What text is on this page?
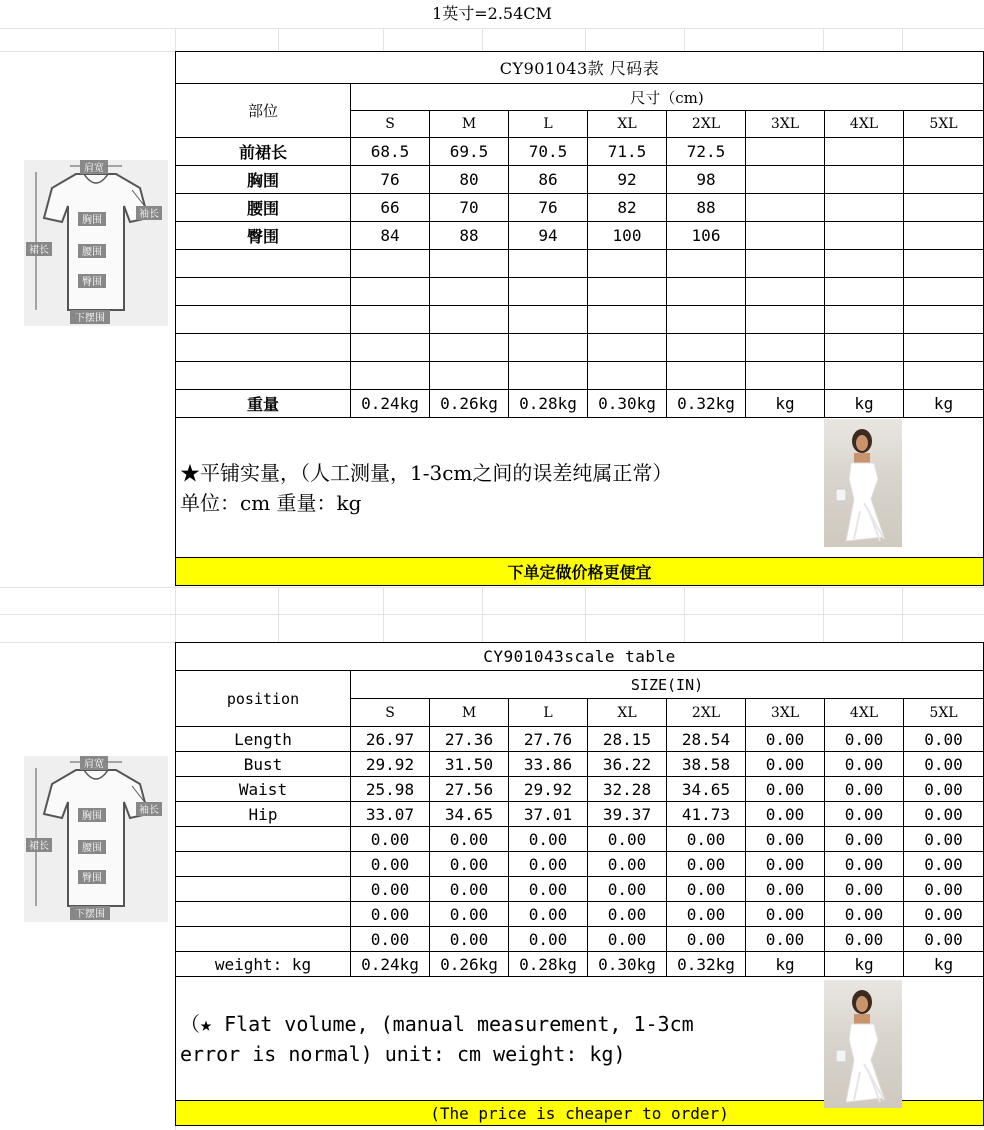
1英寸=2.54CM
CY901043款 尺码表								
部位	尺寸（cm)							
	S	M	L	XL	2XL	3XL	4XL	5XL
前裙长	68.5	69.5	70.5	71.5	72.5			
胸围	76	80	86	92	98			
腰围	66	70	76	82	88			
臀围	84	88	94	100	106			

重量	0.24kg	0.26kg	0.28kg	0.30kg	0.32kg	kg	kg	kg

★平铺实量，（人工测量，1-3cm之间的误差纯属正常）
单位：cm 重量：kg								

下单定做价格更便宜								
CY901043scale table								
position	SIZE(IN)							
	S	M	L	XL	2XL	3XL	4XL	5XL
Length	26.97	27.36	27.76	28.15	28.54	0.00	0.00	0.00
Bust	29.92	31.50	33.86	36.22	38.58	0.00	0.00	0.00
Waist	25.98	27.56	29.92	32.28	34.65	0.00	0.00	0.00
Hip	33.07	34.65	37.01	39.37	41.73	0.00	0.00	0.00
	0.00	0.00	0.00	0.00	0.00	0.00	0.00	0.00
	0.00	0.00	0.00	0.00	0.00	0.00	0.00	0.00
	0.00	0.00	0.00	0.00	0.00	0.00	0.00	0.00
	0.00	0.00	0.00	0.00	0.00	0.00	0.00	0.00
	0.00	0.00	0.00	0.00	0.00	0.00	0.00	0.00
weight: kg	0.24kg	0.26kg	0.28kg	0.30kg	0.32kg	kg	kg	kg

（★ Flat volume, (manual measurement, 1-3cm
error is normal) unit: cm weight: kg)								

(The price is cheaper to order)								
肩宽
袖长
胸围
裙长	腰围
臀围
下摆围
肩宽
袖长
胸围
裙长	腰围
臀围
下摆围
